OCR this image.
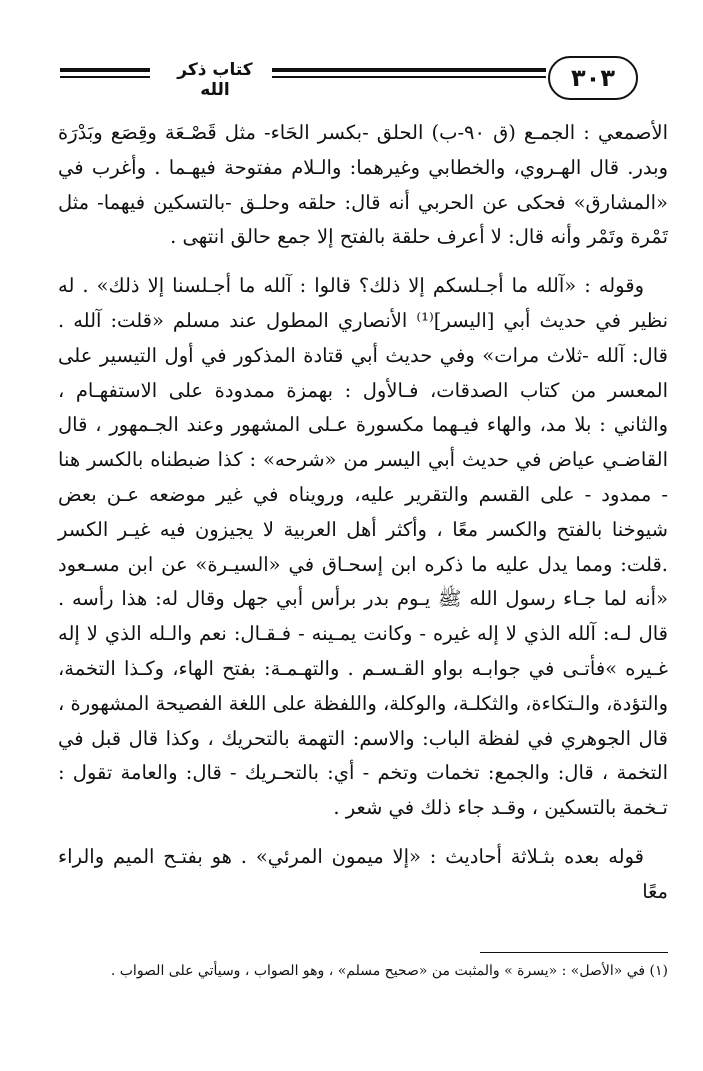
كتاب ذكر الله	٣٠٣

الأصمعي : الجمـع (ق ٩٠-ب) الحلق -بكسر الحَاء- مثل قَصْـعَة وقِصَع وبَدْرَة وبدر. قال الهـروي، والخطابي وغيرهما: والـلام مفتوحة فيهـما . وأغرب في «المشارق» فحكى عن الحربي أنه قال: حلقه وحلـق -بالتسكين فيهما- مثل تَمْرة وتَمْر وأنه قال: لا أعرف حلقة بالفتح إلا جمع حالق انتهى .

وقوله : «آلله ما أجـلسكم إلا ذلك؟ قالوا : آلله ما أجـلسنا إلا ذلك» . له نظير في حديث أبي [اليسر]⁽¹⁾ الأنصاري المطول عند مسلم «قلت: آلله . قال: آلله -ثلاث مرات» وفي حديث أبي قتادة المذكور في أول التيسير على المعسر من كتاب الصدقات، فـالأول : بهمزة ممدودة على الاستفهـام ، والثاني : بلا مد، والهاء فيـهما مكسورة عـلى المشهور وعند الجـمهور ، قال القاضـي عياض في حديث أبي اليسر من «شرحه» : كذا ضبطناه بالكسر هنا - ممدود - على القسم والتقرير عليه، ورويناه في غير موضعه عـن بعض شيوخنا بالفتح والكسر معًا ، وأكثر أهل العربية لا يجيزون فيه غيـر الكسر .قلت: ومما يدل عليه ما ذكره ابن إسحـاق في «السيـرة» عن ابن مسـعود «أنه لما جـاء رسول الله ﷺ يـوم بدر برأس أبي جهل وقال له: هذا رأسه . قال لـه: آلله الذي لا إله غيره - وكانت يمـينه - فـقـال: نعم والـله الذي لا إله غـيره »فأتـى في جوابـه بواو القـسـم . والتهـمـة: بفتح الهاء، وكـذا التخمة، والتؤدة، والـتكاءة، والثكلـة، والوكلة، واللفظة على اللغة الفصيحة المشهورة ، قال الجوهري في لفظة الباب: والاسم: التهمة بالتحريك ، وكذا قال قبل في التخمة ، قال: والجمع: تخمات وتخم - أي: بالتحـريك - قال: والعامة تقول : تـخمة بالتسكين ، وقـد جاء ذلك في شعر .

قوله بعده بثـلاثة أحاديث : «إلا ميمون المرئي» . هو بفتـح الميم والراء معًا

(١) في «الأصل» : «يسرة » والمثبت من «صحيح مسلم» ، وهو الصواب ، وسيأتي على الصواب .
